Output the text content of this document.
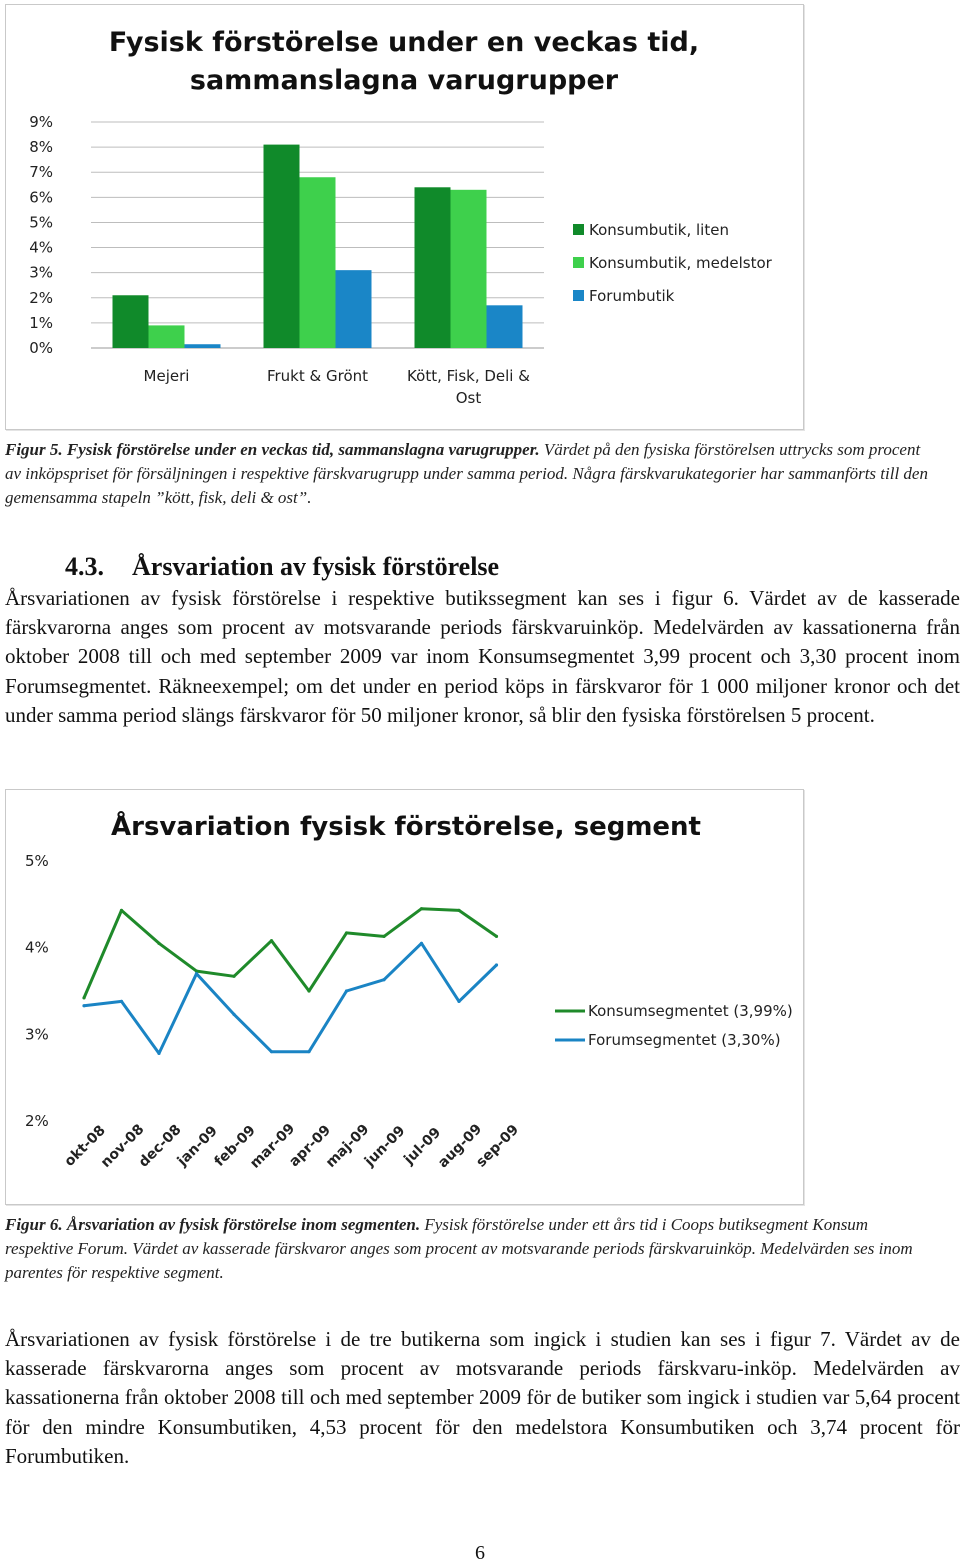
Fysisk förstörelse under en veckas tid,
sammanslagna varugrupper
0%
1%
2%
3%
4%
5%
6%
7%
8%
9%
Mejeri	Frukt & Grönt	Kött, Fisk, Deli &
Ost
Konsumbutik, liten
Konsumbutik, medelstor
Forumbutik
Figur 5. Fysisk förstörelse under en veckas tid, sammanslagna varugrupper. Värdet på den fysiska förstörelsen uttrycks som procent av inköpspriset för försäljningen i respektive färskvarugrupp under samma period. Några färskvarukategorier har sammanförts till den gemensamma stapeln ”kött, fisk, deli & ost”.
4.3. Årsvariation av fysisk förstörelse

Årsvariationen av fysisk förstörelse i respektive butikssegment kan ses i figur 6. Värdet av de kasserade färskvarorna anges som procent av motsvarande periods färskvaruinköp. Medelvärden av kassationerna från oktober 2008 till och med september 2009 var inom Konsumsegmentet 3,99 procent och 3,30 procent inom Forumsegmentet. Räkneexempel; om det under en period köps in färskvaror för 1 000 miljoner kronor och det under samma period slängs färskvaror för 50 miljoner kronor, så blir den fysiska förstörelsen 5 procent.

Årsvariation fysisk förstörelse, segment
2%
3%
4%
5%
Konsumsegmentet (3,99%)
Forumsegmentet (3,30%)
okt-08
nov-08
dec-08
jan-09
feb-09
mar-09
apr-09
maj-09
jun-09
jul-09
aug-09
sep-09
Figur 6. Årsvariation av fysisk förstörelse inom segmenten. Fysisk förstörelse under ett års tid i Coops butiksegment Konsum respektive Forum. Värdet av kasserade färskvaror anges som procent av motsvarande periods färskvaruinköp. Medelvärden ses inom parentes för respektive segment.

Årsvariationen av fysisk förstörelse i de tre butikerna som ingick i studien kan ses i figur 7. Värdet av de kasserade färskvarorna anges som procent av motsvarande periods färskvaru-inköp. Medelvärden av kassationerna från oktober 2008 till och med september 2009 för de butiker som ingick i studien var 5,64 procent för den mindre Konsumbutiken, 4,53 procent för den medelstora Konsumbutiken och 3,74 procent för Forumbutiken.

6
